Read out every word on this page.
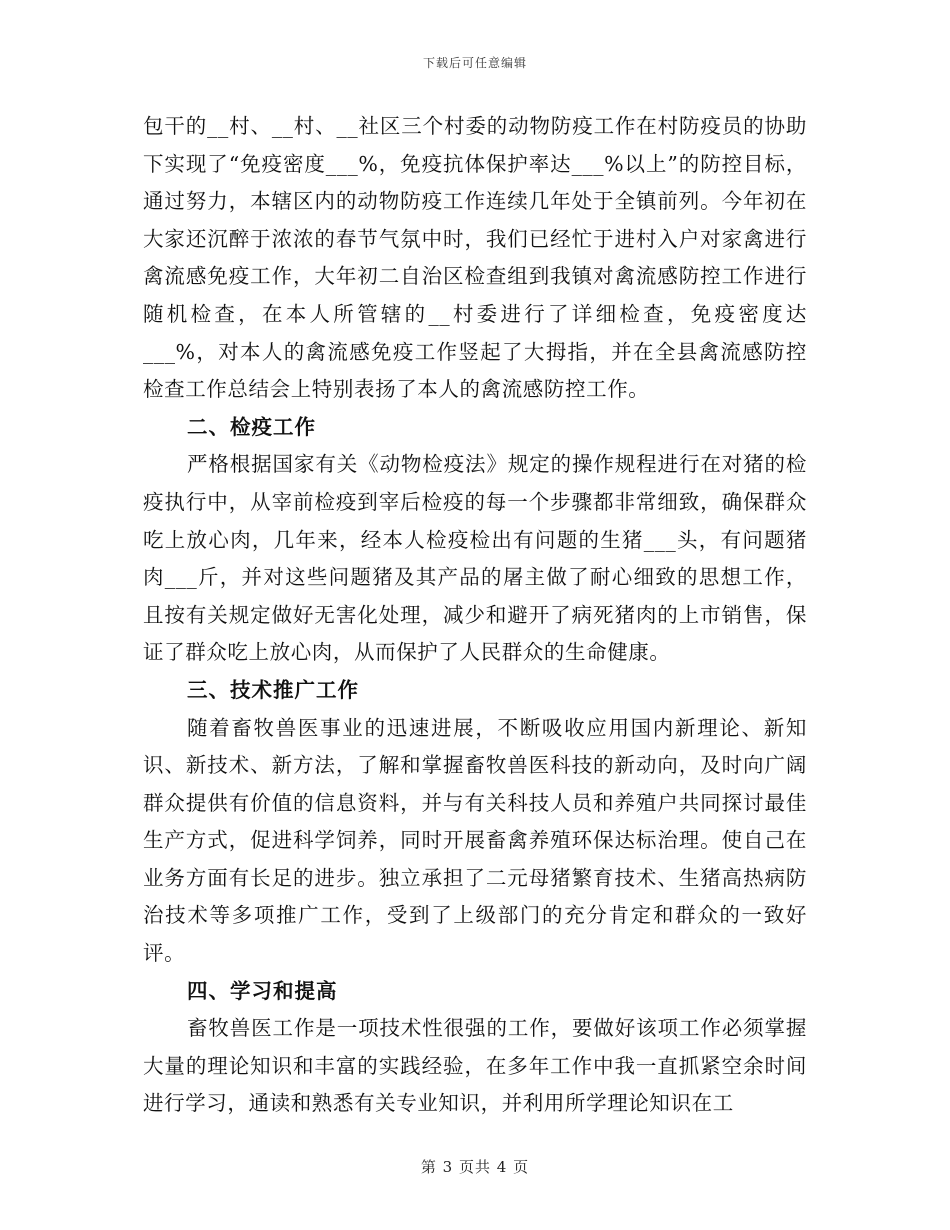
下载后可任意编辑

包干的__村、__村、__社区三个村委的动物防疫工作在村防疫员的协助下实现了“免疫密度___%，免疫抗体保护率达___%以上”的防控目标，通过努力，本辖区内的动物防疫工作连续几年处于全镇前列。今年初在大家还沉醉于浓浓的春节气氛中时，我们已经忙于进村入户对家禽进行禽流感免疫工作，大年初二自治区检查组到我镇对禽流感防控工作进行随机检查，在本人所管辖的__村委进行了详细检查，免疫密度达___%，对本人的禽流感免疫工作竖起了大拇指，并在全县禽流感防控检查工作总结会上特别表扬了本人的禽流感防控工作。

二、检疫工作

严格根据国家有关《动物检疫法》规定的操作规程进行在对猪的检疫执行中，从宰前检疫到宰后检疫的每一个步骤都非常细致，确保群众吃上放心肉，几年来，经本人检疫检出有问题的生猪___头，有问题猪肉___斤，并对这些问题猪及其产品的屠主做了耐心细致的思想工作，且按有关规定做好无害化处理，减少和避开了病死猪肉的上市销售，保证了群众吃上放心肉，从而保护了人民群众的生命健康。

三、技术推广工作

随着畜牧兽医事业的迅速进展，不断吸收应用国内新理论、新知识、新技术、新方法，了解和掌握畜牧兽医科技的新动向，及时向广阔群众提供有价值的信息资料，并与有关科技人员和养殖户共同探讨最佳生产方式，促进科学饲养，同时开展畜禽养殖环保达标治理。使自己在业务方面有长足的进步。独立承担了二元母猪繁育技术、生猪高热病防治技术等多项推广工作，受到了上级部门的充分肯定和群众的一致好评。

四、学习和提高

畜牧兽医工作是一项技术性很强的工作，要做好该项工作必须掌握大量的理论知识和丰富的实践经验，在多年工作中我一直抓紧空余时间进行学习，通读和熟悉有关专业知识，并利用所学理论知识在工

第 3 页共 4 页
